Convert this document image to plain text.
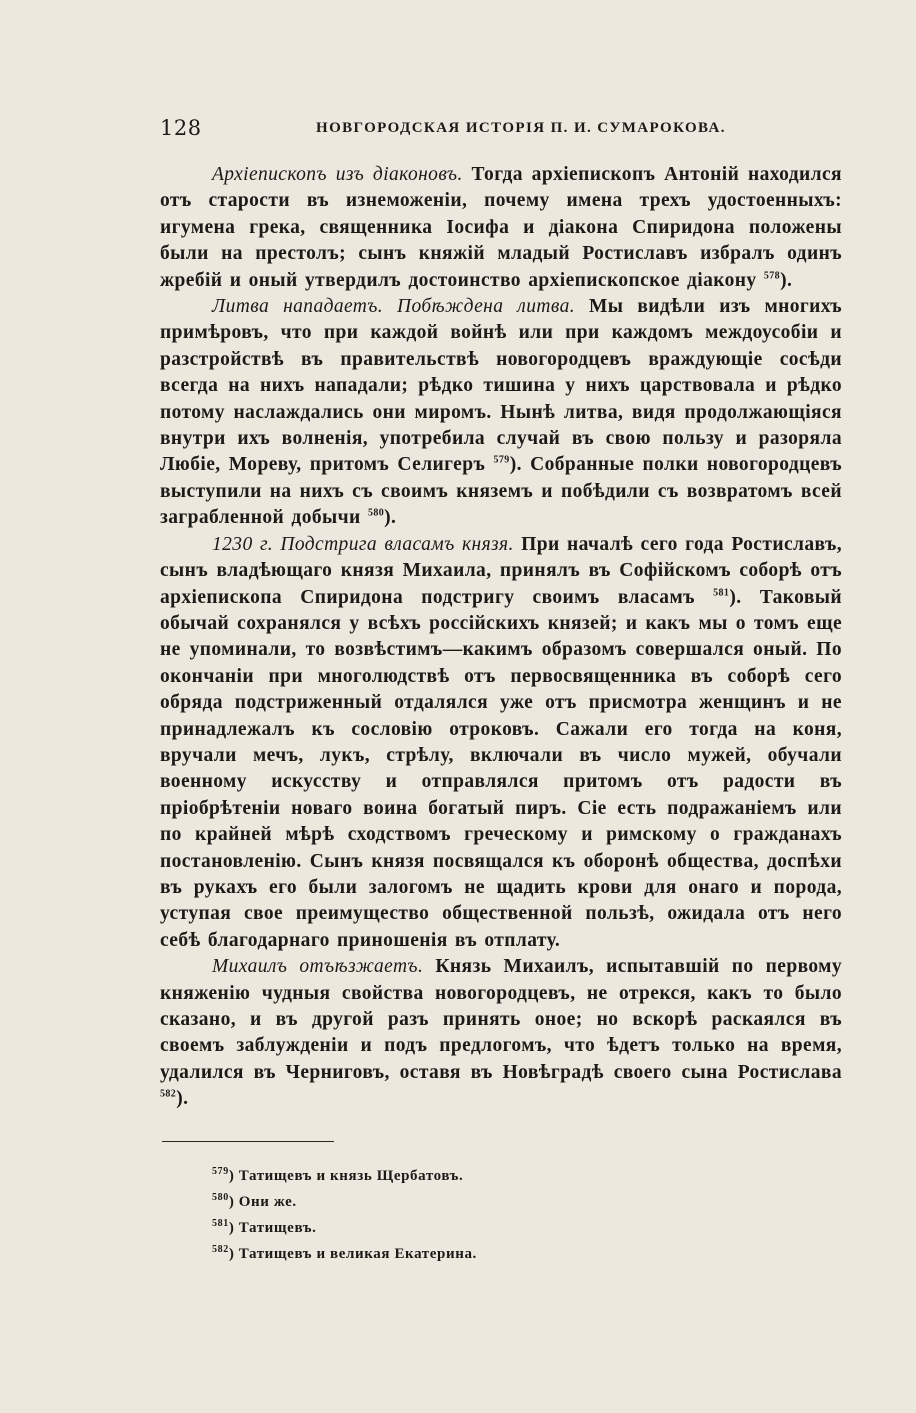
128	НОВГОРОДСКАЯ ИСТОРІЯ П. И. СУМАРОКОВА.

Архіепископъ изъ діаконовъ. Тогда архіепископъ Антоній находился отъ старости въ изнеможеніи, почему имена трехъ удостоенныхъ: игумена грека, священника Іосифа и діакона Спиридона положены были на престолъ; сынъ княжій младый Ростиславъ избралъ одинъ жребій и оный утвердилъ достоинство архіепископское діакону $^{578}$).

Литва нападаетъ. Побѣждена литва. Мы видѣли изъ многихъ примѣровъ, что при каждой войнѣ или при каждомъ междоусобіи и разстройствѣ въ правительствѣ новогородцевъ враждующіе сосѣди всегда на нихъ нападали; рѣдко тишина у нихъ царствовала и рѣдко потому наслаждались они миромъ. Нынѣ литва, видя продолжающіяся внутри ихъ волненія, употребила случай въ свою пользу и разоряла Любіе, Мореву, притомъ Селигеръ $^{579}$). Собранные полки новогородцевъ выступили на нихъ съ своимъ княземъ и побѣдили съ возвратомъ всей заграбленной добычи $^{580}$).

1230 г. Подстрига власамъ князя. При началѣ сего года Ростиславъ, сынъ владѣющаго князя Михаила, принялъ въ Софійскомъ соборѣ отъ архіепископа Спиридона подстригу своимъ власамъ $^{581}$). Таковый обычай сохранялся у всѣхъ россійскихъ князей; и какъ мы о томъ еще не упоминали, то возвѣстимъ—какимъ образомъ совершался оный. По окончаніи при многолюдствѣ отъ первосвященника въ соборѣ сего обряда подстриженный отдалялся уже отъ присмотра женщинъ и не принадлежалъ къ сословію отроковъ. Сажали его тогда на коня, вручали мечъ, лукъ, стрѣлу, включали въ число мужей, обучали военному искусству и отправлялся притомъ отъ радости въ пріобрѣтеніи новаго воина богатый пиръ. Сіе есть подражаніемъ или по крайней мѣрѣ сходствомъ греческому и римскому о гражданахъ постановленію. Сынъ князя посвящался къ оборонѣ общества, доспѣхи въ рукахъ его были залогомъ не щадить крови для онаго и порода, уступая свое преимущество общественной пользѣ, ожидала отъ него себѣ благодарнаго приношенія въ отплату.

Михаилъ отъѣзжаетъ. Князь Михаилъ, испытавшій по первому княженію чудныя свойства новогородцевъ, не отрекся, какъ то было сказано, и въ другой разъ принять оное; но вскорѣ раскаялся въ своемъ заблужденіи и подъ предлогомъ, что ѣдетъ только на время, удалился въ Черниговъ, оставя въ Новѣградѣ своего сына Ростислава $^{582}$).

$^{579}$) Татищевъ и князь Щербатовъ.
$^{580}$) Они же.
$^{581}$) Татищевъ.
$^{582}$) Татищевъ и великая Екатерина.
